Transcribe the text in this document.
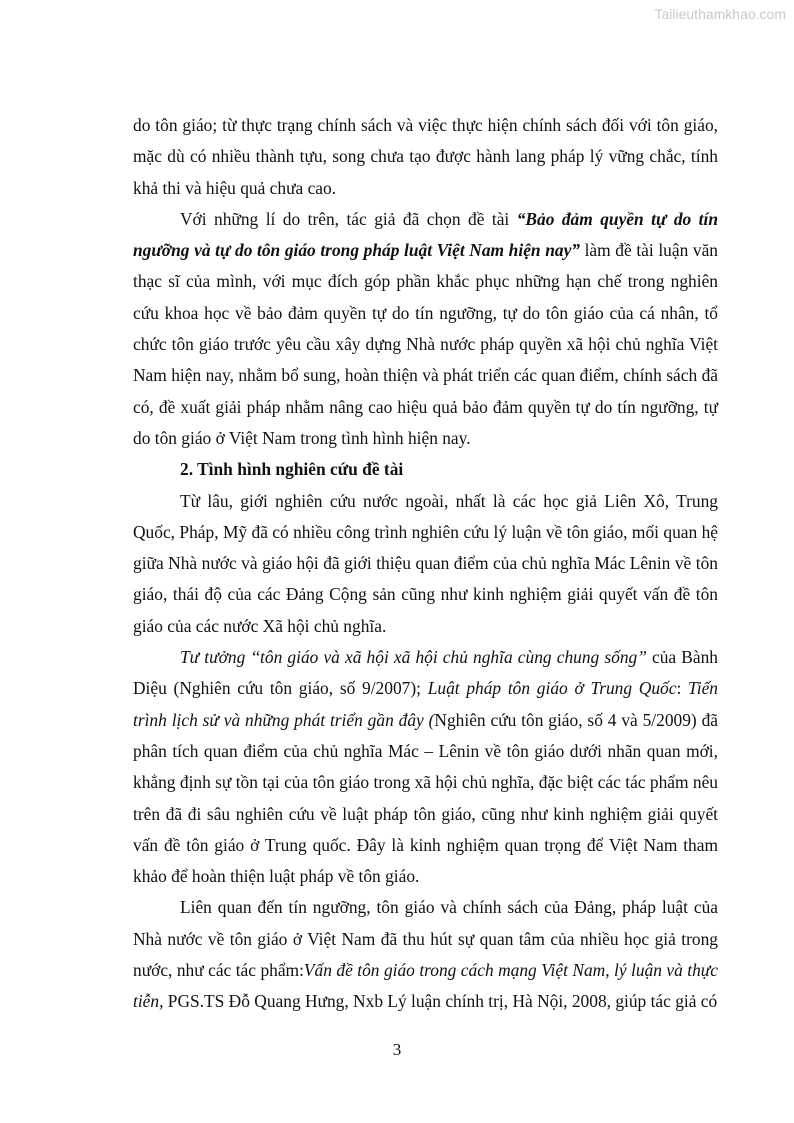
Tailieuthamkhao.com

do tôn giáo; từ thực trạng chính sách và việc thực hiện chính sách đối với tôn giáo, mặc dù có nhiều thành tựu, song chưa tạo được hành lang pháp lý vững chắc, tính khả thi và hiệu quả chưa cao.

Với những lí do trên, tác giả đã chọn đề tài “Bảo đảm quyền tự do tín ngưỡng và tự do tôn giáo trong pháp luật Việt Nam hiện nay” làm đề tài luận văn thạc sĩ của mình, với mục đích góp phần khắc phục những hạn chế trong nghiên cứu khoa học về bảo đảm quyền tự do tín ngưỡng, tự do tôn giáo của cá nhân, tổ chức tôn giáo trước yêu cầu xây dựng Nhà nước pháp quyền xã hội chủ nghĩa Việt Nam hiện nay, nhằm bổ sung, hoàn thiện và phát triển các quan điểm, chính sách đã có, đề xuất giải pháp nhằm nâng cao hiệu quả bảo đảm quyền tự do tín ngưỡng, tự do tôn giáo ở Việt Nam trong tình hình hiện nay.

2. Tình hình nghiên cứu đề tài

Từ lâu, giới nghiên cứu nước ngoài, nhất là các học giả Liên Xô, Trung Quốc, Pháp, Mỹ đã có nhiều công trình nghiên cứu lý luận về tôn giáo, mối quan hệ giữa Nhà nước và giáo hội đã giới thiệu quan điểm của chủ nghĩa Mác Lênin về tôn giáo, thái độ của các Đảng Cộng sản cũng như kinh nghiệm giải quyết vấn đề tôn giáo của các nước Xã hội chủ nghĩa.

Tư tưởng ‘‘tôn giáo và xã hội xã hội chủ nghĩa cùng chung sống” của Bành Diệu (Nghiên cứu tôn giáo, số 9/2007); Luật pháp tôn giáo ở Trung Quốc: Tiến trình lịch sử và những phát triển gần đây (Nghiên cứu tôn giáo, số 4 và 5/2009) đã phân tích quan điểm của chủ nghĩa Mác – Lênin về tôn giáo dưới nhãn quan mới, khẳng định sự tồn tại của tôn giáo trong xã hội chủ nghĩa, đặc biệt các tác phẩm nêu trên đã đi sâu nghiên cứu về luật pháp tôn giáo, cũng như kinh nghiệm giải quyết vấn đề tôn giáo ở Trung quốc. Đây là kinh nghiệm quan trọng để Việt Nam tham khảo để hoàn thiện luật pháp về tôn giáo.

Liên quan đến tín ngưỡng, tôn giáo và chính sách của Đảng, pháp luật của Nhà nước về tôn giáo ở Việt Nam đã thu hút sự quan tâm của nhiều học giả trong nước, như các tác phẩm:Vấn đề tôn giáo trong cách mạng Việt Nam, lý luận và thực tiễn, PGS.TS Đỗ Quang Hưng, Nxb Lý luận chính trị, Hà Nội, 2008, giúp tác giả có

3
